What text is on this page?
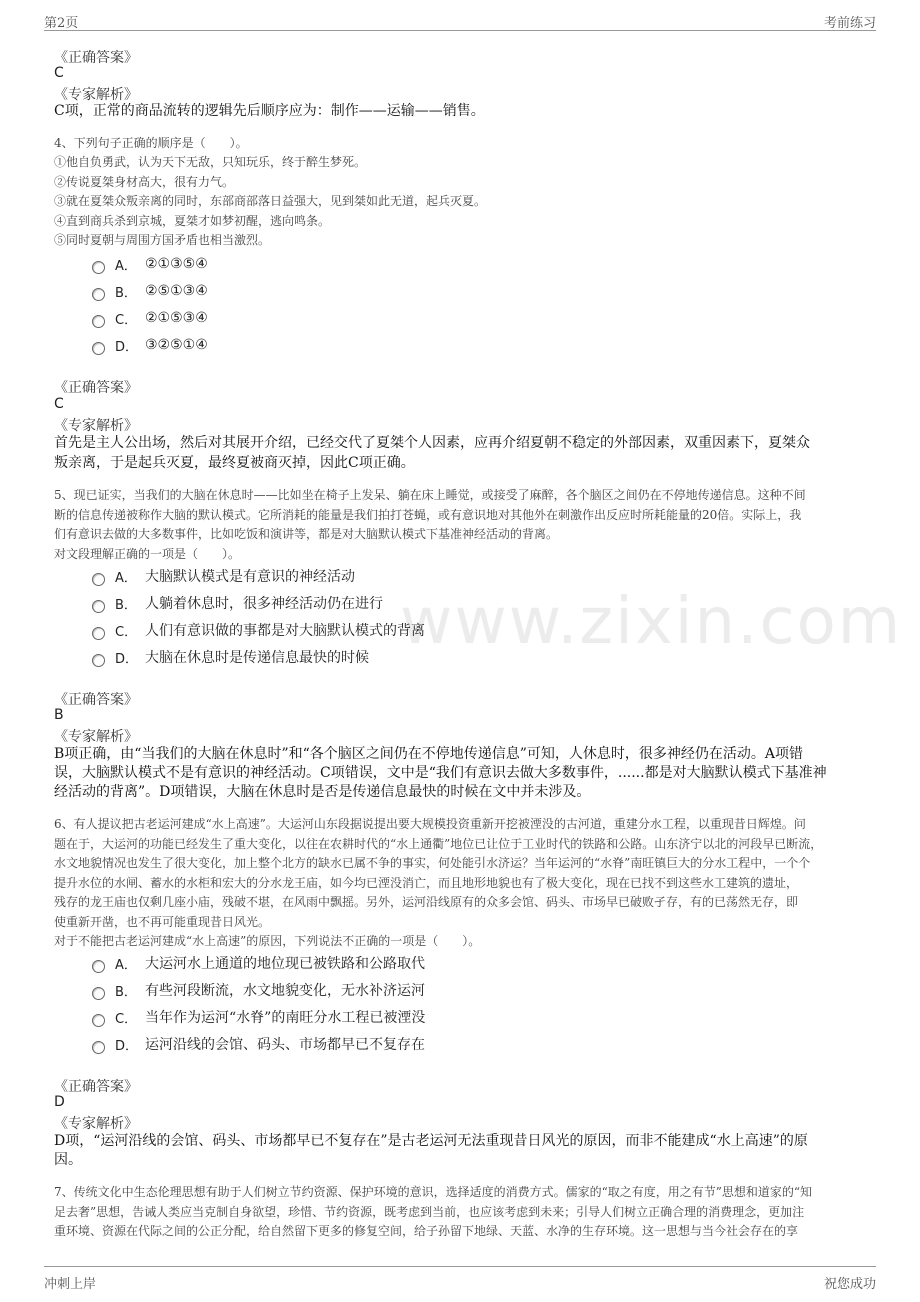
第2页	考前练习
www.zixin.com
《正确答案》
C
《专家解析》
C项，正常的商品流转的逻辑先后顺序应为：制作——运输——销售。
4、下列句子正确的顺序是（　　）。
①他自负勇武，认为天下无敌，只知玩乐，终于醉生梦死。
②传说夏桀身材高大，很有力气。
③就在夏桀众叛亲离的同时，东部商部落日益强大，见到桀如此无道，起兵灭夏。
④直到商兵杀到京城，夏桀才如梦初醒，逃向鸣条。
⑤同时夏朝与周围方国矛盾也相当激烈。
A． ②①③⑤④
B． ②⑤①③④
C． ②①⑤③④
D． ③②⑤①④
《正确答案》
C
《专家解析》
首先是主人公出场，然后对其展开介绍，已经交代了夏桀个人因素，应再介绍夏朝不稳定的外部因素，双重因素下，夏桀众
叛亲离，于是起兵灭夏，最终夏被商灭掉，因此C项正确。
5、现已证实，当我们的大脑在休息时——比如坐在椅子上发呆、躺在床上睡觉，或接受了麻醉，各个脑区之间仍在不停地传递信息。这种不间
断的信息传递被称作大脑的默认模式。它所消耗的能量是我们拍打苍蝇，或有意识地对其他外在刺激作出反应时所耗能量的20倍。实际上，我
们有意识去做的大多数事件，比如吃饭和演讲等，都是对大脑默认模式下基准神经活动的背离。
对文段理解正确的一项是（　　）。
A． 大脑默认模式是有意识的神经活动
B． 人躺着休息时，很多神经活动仍在进行
C． 人们有意识做的事都是对大脑默认模式的背离
D． 大脑在休息时是传递信息最快的时候
《正确答案》
B
《专家解析》
B项正确，由“当我们的大脑在休息时”和“各个脑区之间仍在不停地传递信息”可知，人休息时，很多神经仍在活动。A项错
误，大脑默认模式不是有意识的神经活动。C项错误，文中是“我们有意识去做大多数事件，......都是对大脑默认模式下基准神
经活动的背离”。D项错误，大脑在休息时是否是传递信息最快的时候在文中并未涉及。
6、有人提议把古老运河建成“水上高速”。大运河山东段据说提出要大规模投资重新开挖被湮没的古河道，重建分水工程，以重现昔日辉煌。问
题在于，大运河的功能已经发生了重大变化，以往在农耕时代的“水上通衢”地位已让位于工业时代的铁路和公路。山东济宁以北的河段早已断流，
水文地貌情况也发生了很大变化，加上整个北方的缺水已属不争的事实，何处能引水济运？当年运河的“水脊”南旺镇巨大的分水工程中，一个个
提升水位的水闸、蓄水的水柜和宏大的分水龙王庙，如今均已湮没消亡，而且地形地貌也有了极大变化，现在已找不到这些水工建筑的遗址，
残存的龙王庙也仅剩几座小庙，残破不堪，在风雨中飘摇。另外，运河沿线原有的众多会馆、码头、市场早已破败孑存，有的已荡然无存，即
使重新开凿，也不再可能重现昔日风光。
对于不能把古老运河建成“水上高速”的原因，下列说法不正确的一项是（　　）。
A． 大运河水上通道的地位现已被铁路和公路取代
B． 有些河段断流，水文地貌变化，无水补济运河
C． 当年作为运河“水脊”的南旺分水工程已被湮没
D． 运河沿线的会馆、码头、市场都早已不复存在
《正确答案》
D
《专家解析》
D项，“运河沿线的会馆、码头、市场都早已不复存在”是古老运河无法重现昔日风光的原因，而非不能建成“水上高速”的原
因。
7、传统文化中生态伦理思想有助于人们树立节约资源、保护环境的意识，选择适度的消费方式。儒家的“取之有度，用之有节”思想和道家的“知
足去奢”思想，告诫人类应当克制自身欲望，珍惜、节约资源，既考虑到当前，也应该考虑到未来；引导人们树立正确合理的消费理念，更加注
重环境、资源在代际之间的公正分配，给自然留下更多的修复空间，给子孙留下地绿、天蓝、水净的生存环境。这一思想与当今社会存在的享
冲刺上岸	祝您成功
